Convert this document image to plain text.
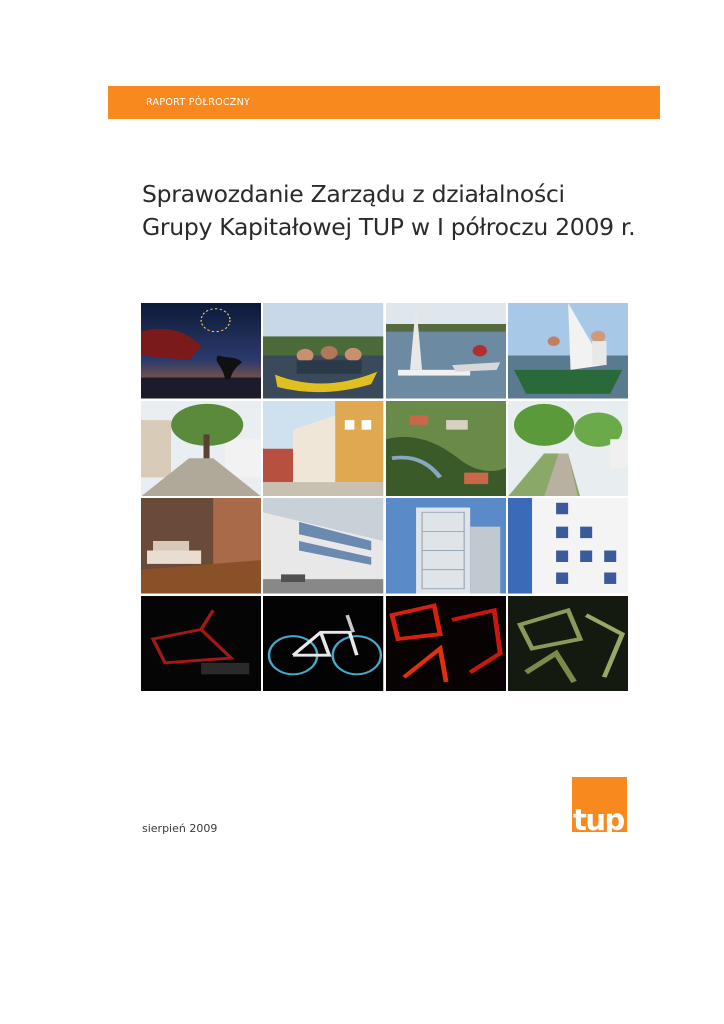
RAPORT PÓŁROCZNY
Sprawozdanie Zarządu z działalności
Grupy Kapitałowej TUP w I półroczu 2009 r.
sierpień 2009	tup
